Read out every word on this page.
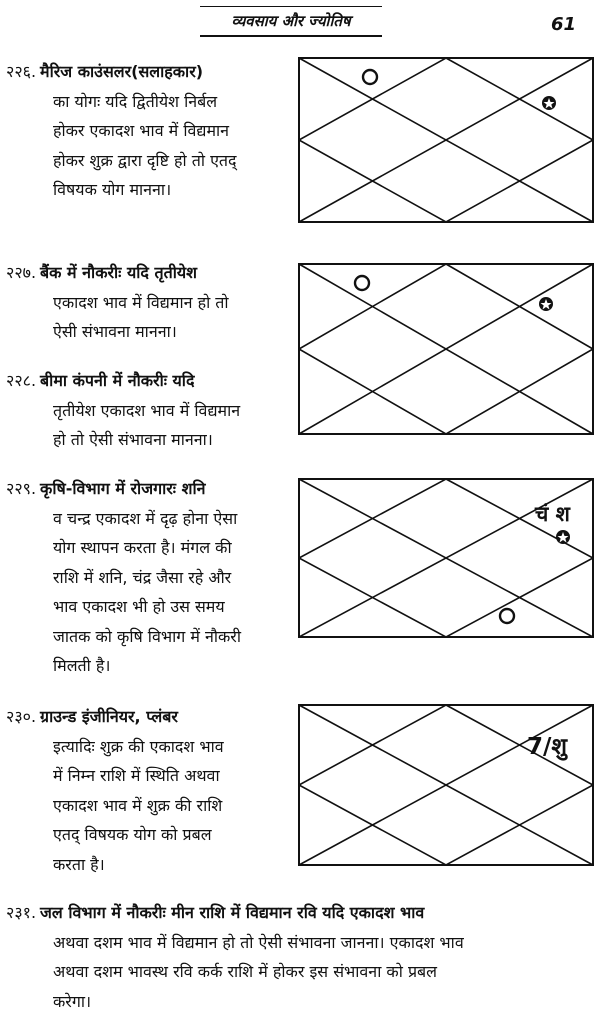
व्यवसाय और ज्योतिष	61
२२६. मैरिज काउंसलर(सलाहकार)
का योगः यदि द्वितीयेश निर्बल
होकर एकादश भाव में विद्यमान
होकर शुक्र द्वारा दृष्टि हो तो एतद्
विषयक योग मानना।
२२७. बैंक में नौकरीः यदि तृतीयेश
एकादश भाव में विद्यमान हो तो
ऐसी संभावना मानना।
२२८. बीमा कंपनी में नौकरीः यदि
तृतीयेश एकादश भाव में विद्यमान
हो तो ऐसी संभावना मानना।
२२९. कृषि-विभाग में रोजगारः शनि
व चन्द्र एकादश में दृढ़ होना ऐसा
योग स्थापन करता है। मंगल की
राशि में शनि, चंद्र जैसा रहे और
भाव एकादश भी हो उस समय
जातक को कृषि विभाग में नौकरी
मिलती है।
२३०. ग्राउन्ड इंजीनियर, प्लंबर
इत्यादिः शुक्र की एकादश भाव
में निम्न राशि में स्थिति अथवा
एकादश भाव में शुक्र की राशि
एतद् विषयक योग को प्रबल
करता है।
२३१. जल विभाग में नौकरीः मीन राशि में विद्यमान रवि यदि एकादश भाव
अथवा दशम भाव में विद्यमान हो तो ऐसी संभावना जानना। एकादश भाव
अथवा दशम भावस्थ रवि कर्क राशि में होकर इस संभावना को प्रबल
करेगा।
चं श
7/शु
